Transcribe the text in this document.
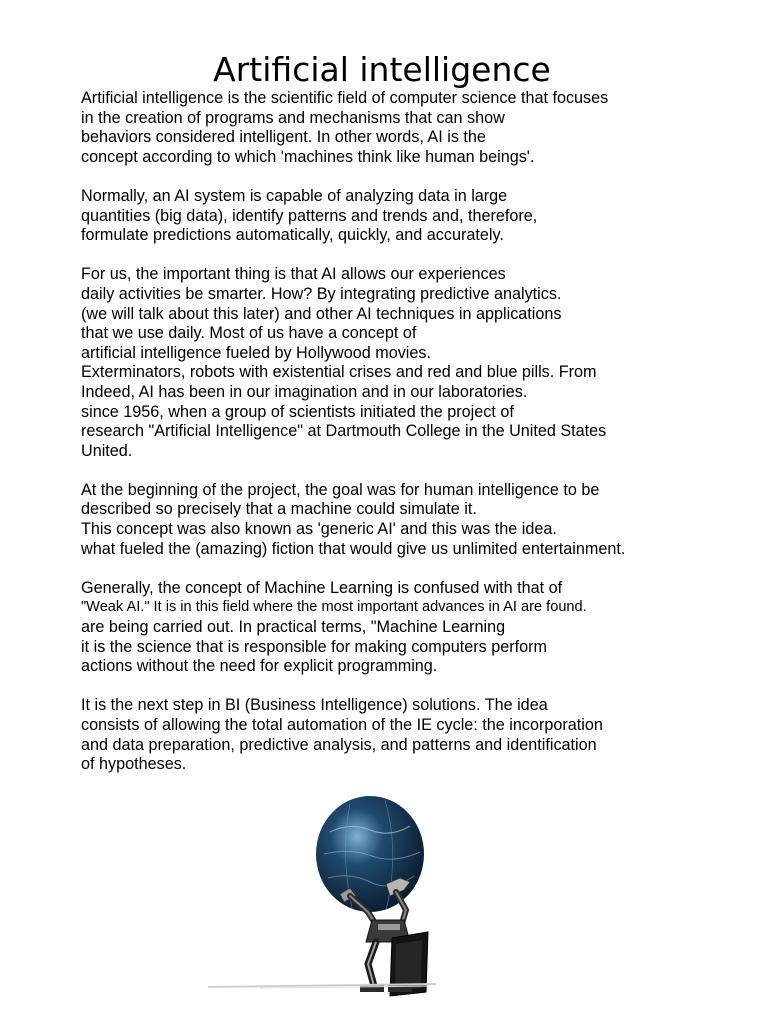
Artificial intelligence

Artificial intelligence is the scientific field of computer science that focuses
in the creation of programs and mechanisms that can show
behaviors considered intelligent. In other words, AI is the
concept according to which 'machines think like human beings'.

Normally, an AI system is capable of analyzing data in large
quantities (big data), identify patterns and trends and, therefore,
formulate predictions automatically, quickly, and accurately.

For us, the important thing is that AI allows our experiences
daily activities be smarter. How? By integrating predictive analytics.
(we will talk about this later) and other AI techniques in applications
that we use daily. Most of us have a concept of
artificial intelligence fueled by Hollywood movies.
Exterminators, robots with existential crises and red and blue pills. From
Indeed, AI has been in our imagination and in our laboratories.
since 1956, when a group of scientists initiated the project of
research "Artificial Intelligence" at Dartmouth College in the United States
United.

At the beginning of the project, the goal was for human intelligence to be
described so precisely that a machine could simulate it.
This concept was also known as 'generic AI' and this was the idea.
what fueled the (amazing) fiction that would give us unlimited entertainment.

Generally, the concept of Machine Learning is confused with that of
"Weak AI." It is in this field where the most important advances in AI are found.
are being carried out. In practical terms, "Machine Learning
it is the science that is responsible for making computers perform
actions without the need for explicit programming.

It is the next step in BI (Business Intelligence) solutions. The idea
consists of allowing the total automation of the IE cycle: the incorporation
and data preparation, predictive analysis, and patterns and identification
of hypotheses.
